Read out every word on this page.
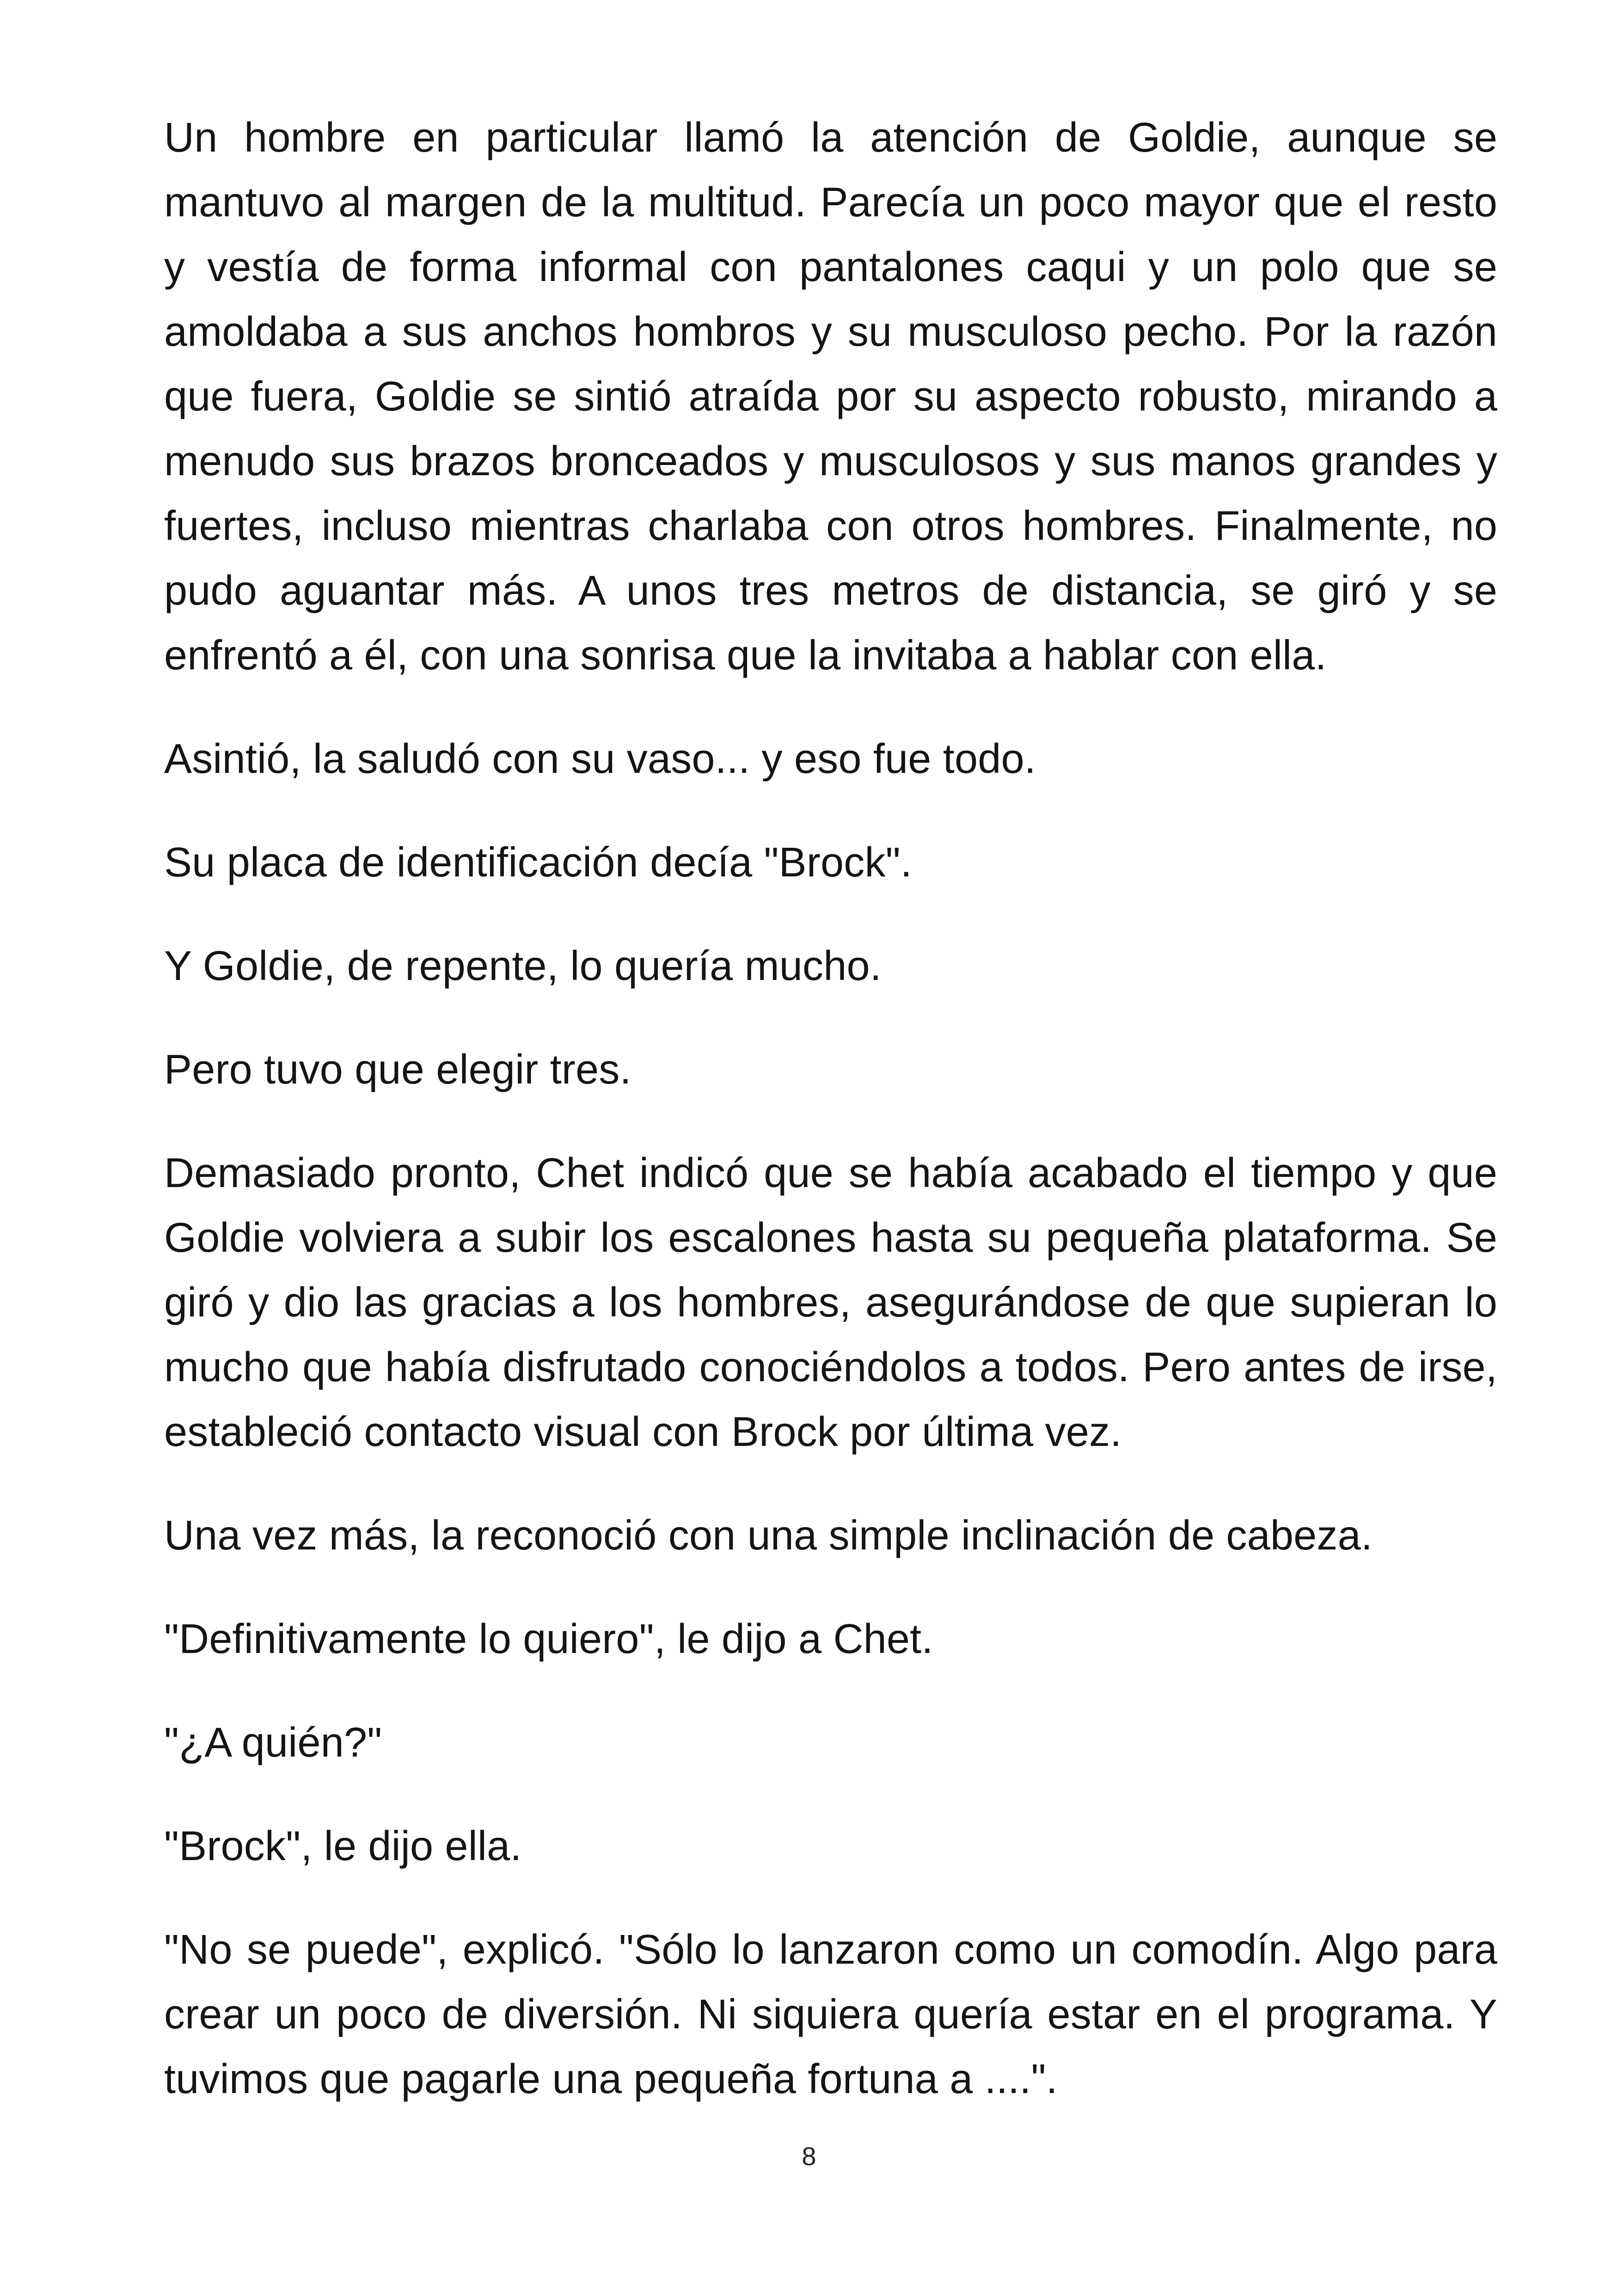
Un hombre en particular llamó la atención de Goldie, aunque se mantuvo al margen de la multitud. Parecía un poco mayor que el resto y vestía de forma informal con pantalones caqui y un polo que se amoldaba a sus anchos hombros y su musculoso pecho. Por la razón que fuera, Goldie se sintió atraída por su aspecto robusto, mirando a menudo sus brazos bronceados y musculosos y sus manos grandes y fuertes, incluso mientras charlaba con otros hombres. Finalmente, no pudo aguantar más. A unos tres metros de distancia, se giró y se enfrentó a él, con una sonrisa que la invitaba a hablar con ella.

Asintió, la saludó con su vaso... y eso fue todo.

Su placa de identificación decía "Brock".

Y Goldie, de repente, lo quería mucho.

Pero tuvo que elegir tres.

Demasiado pronto, Chet indicó que se había acabado el tiempo y que Goldie volviera a subir los escalones hasta su pequeña plataforma. Se giró y dio las gracias a los hombres, asegurándose de que supieran lo mucho que había disfrutado conociéndolos a todos. Pero antes de irse, estableció contacto visual con Brock por última vez.

Una vez más, la reconoció con una simple inclinación de cabeza.

"Definitivamente lo quiero", le dijo a Chet.

"¿A quién?"

"Brock", le dijo ella.

"No se puede", explicó. "Sólo lo lanzaron como un comodín. Algo para crear un poco de diversión. Ni siquiera quería estar en el programa. Y tuvimos que pagarle una pequeña fortuna a ....".

8
